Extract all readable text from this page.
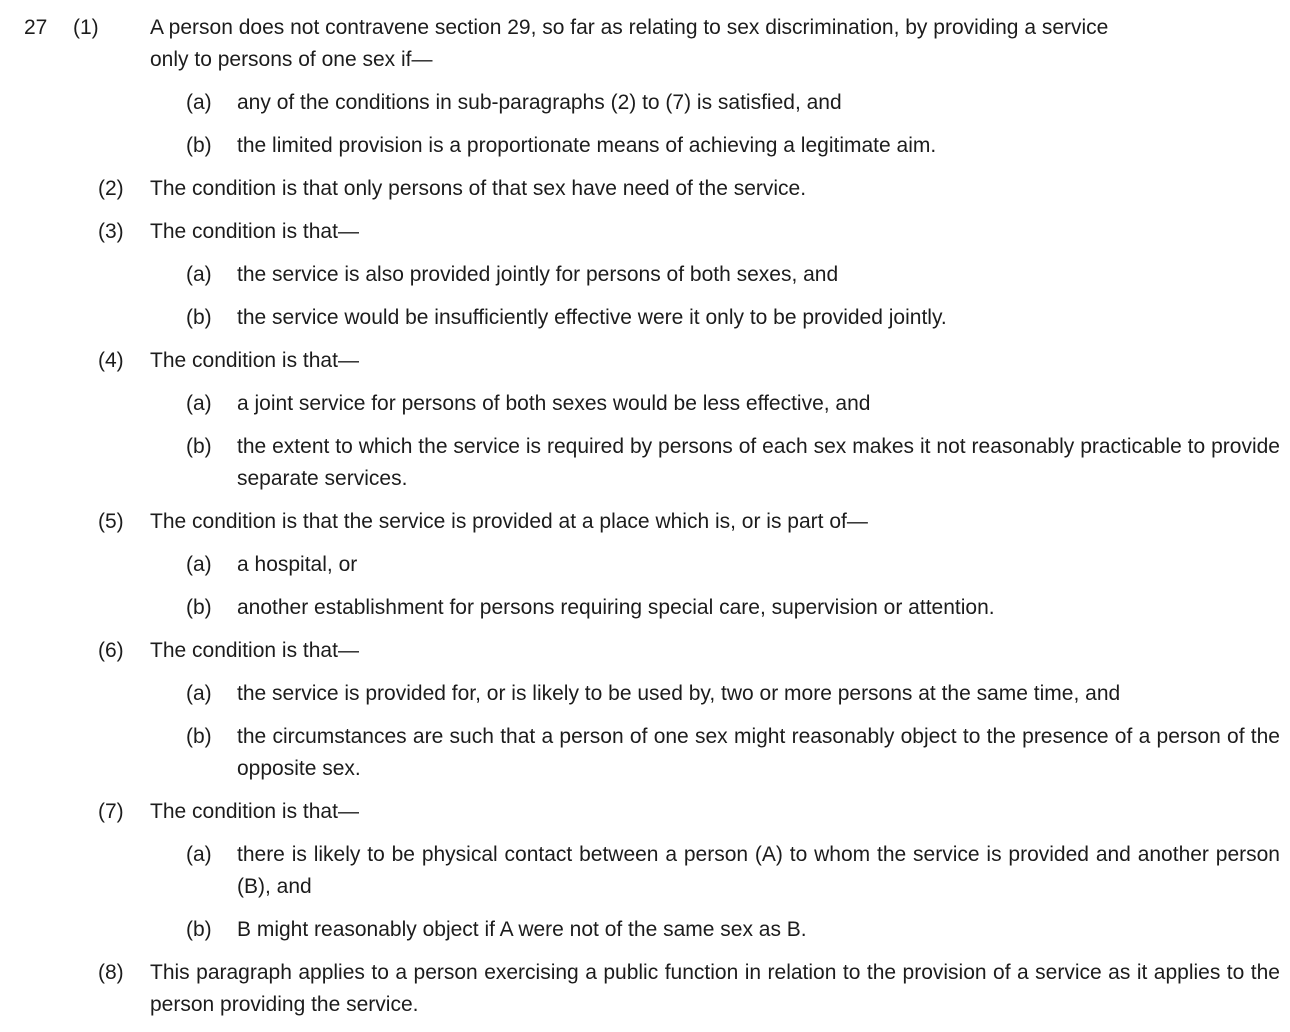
27 (1) A person does not contravene section 29, so far as relating to sex discrimination, by providing a service only to persons of one sex if—
(a) any of the conditions in sub-paragraphs (2) to (7) is satisfied, and
(b) the limited provision is a proportionate means of achieving a legitimate aim.
(2) The condition is that only persons of that sex have need of the service.
(3) The condition is that—
(a) the service is also provided jointly for persons of both sexes, and
(b) the service would be insufficiently effective were it only to be provided jointly.
(4) The condition is that—
(a) a joint service for persons of both sexes would be less effective, and
(b) the extent to which the service is required by persons of each sex makes it not reasonably practicable to provide separate services.
(5) The condition is that the service is provided at a place which is, or is part of—
(a) a hospital, or
(b) another establishment for persons requiring special care, supervision or attention.
(6) The condition is that—
(a) the service is provided for, or is likely to be used by, two or more persons at the same time, and
(b) the circumstances are such that a person of one sex might reasonably object to the presence of a person of the opposite sex.
(7) The condition is that—
(a) there is likely to be physical contact between a person (A) to whom the service is provided and another person (B), and
(b) B might reasonably object if A were not of the same sex as B.
(8) This paragraph applies to a person exercising a public function in relation to the provision of a service as it applies to the person providing the service.
